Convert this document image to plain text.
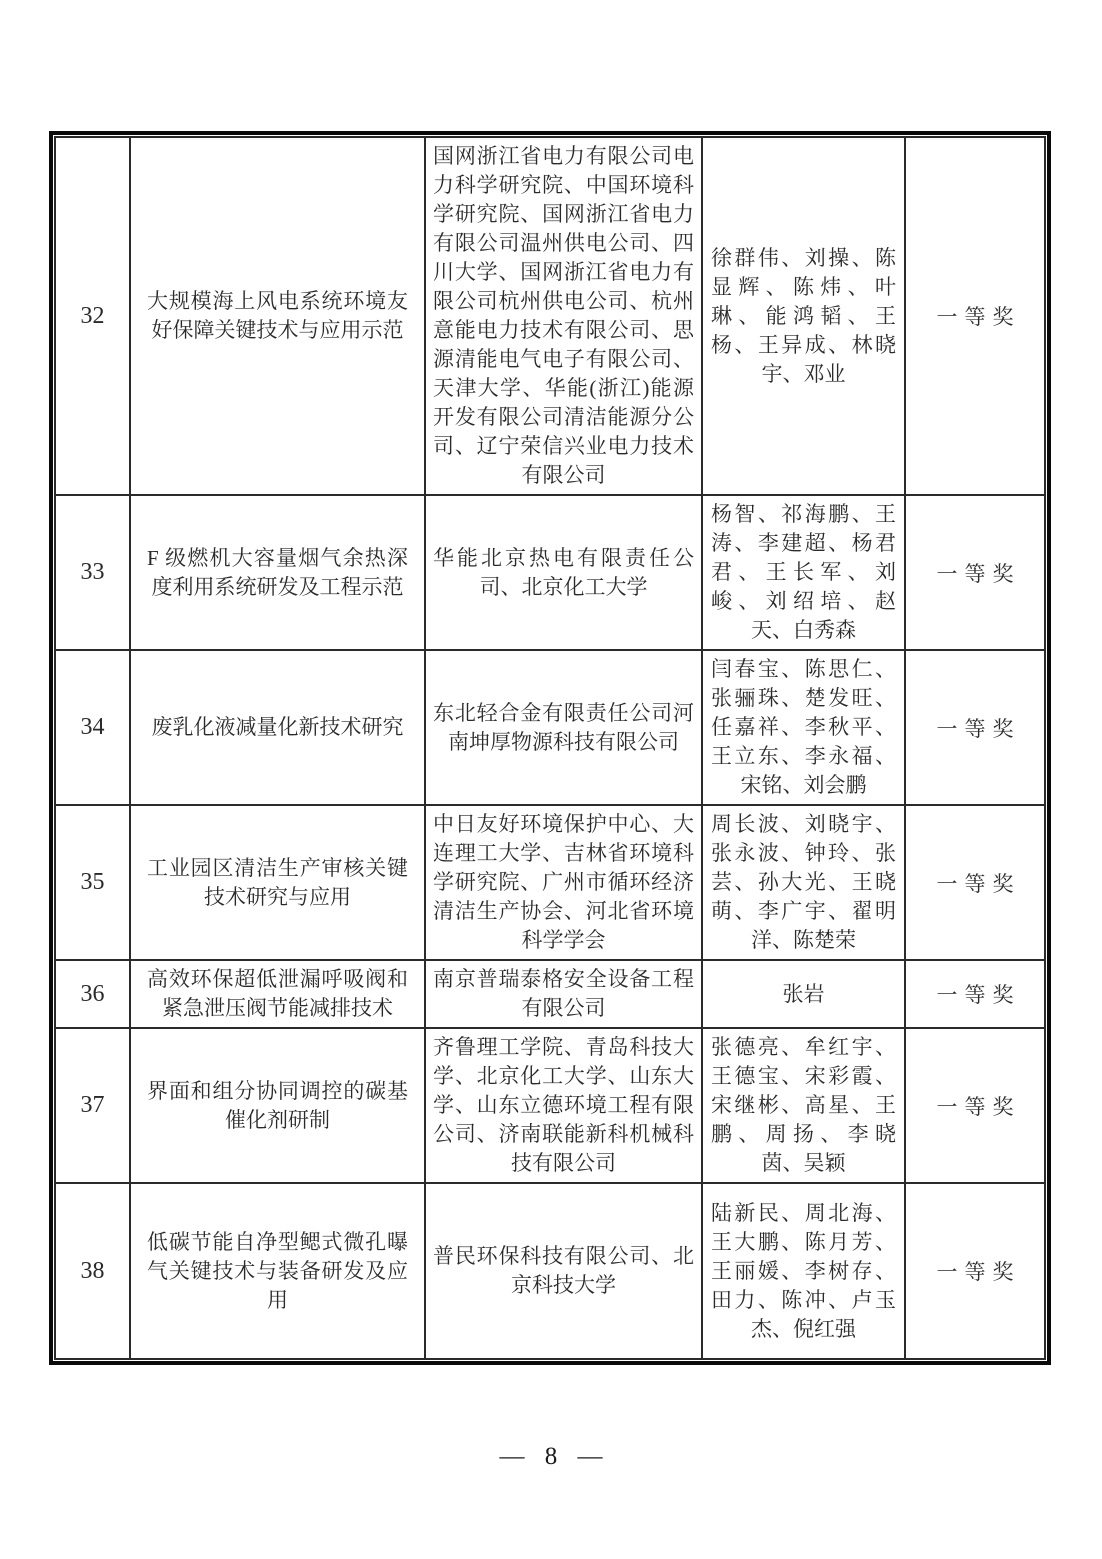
32	大规模海上风电系统环境友好保障关键技术与应用示范	国网浙江省电力有限公司电力科学研究院、中国环境科学研究院、国网浙江省电力有限公司温州供电公司、四川大学、国网浙江省电力有限公司杭州供电公司、杭州意能电力技术有限公司、思源清能电气电子有限公司、天津大学、华能(浙江)能源开发有限公司清洁能源分公司、辽宁荣信兴业电力技术有限公司	徐群伟、刘操、陈显辉、陈炜、叶琳、能鸿韬、王杨、王异成、林晓宇、邓业	一等奖
33	F 级燃机大容量烟气余热深度利用系统研发及工程示范	华能北京热电有限责任公司、北京化工大学	杨智、祁海鹏、王涛、李建超、杨君君、王长军、刘峻、刘绍培、赵天、白秀森	一等奖
34	废乳化液减量化新技术研究	东北轻合金有限责任公司河南坤厚物源科技有限公司	闫春宝、陈思仁、张骊珠、楚发旺、任嘉祥、李秋平、王立东、李永福、宋铭、刘会鹏	一等奖
35	工业园区清洁生产审核关键技术研究与应用	中日友好环境保护中心、大连理工大学、吉林省环境科学研究院、广州市循环经济清洁生产协会、河北省环境科学学会	周长波、刘晓宇、张永波、钟玲、张芸、孙大光、王晓萌、李广宇、翟明洋、陈楚荣	一等奖
36	高效环保超低泄漏呼吸阀和紧急泄压阀节能减排技术	南京普瑞泰格安全设备工程有限公司	张岩	一等奖
37	界面和组分协同调控的碳基催化剂研制	齐鲁理工学院、青岛科技大学、北京化工大学、山东大学、山东立德环境工程有限公司、济南联能新科机械科技有限公司	张德亮、牟红宇、王德宝、宋彩霞、宋继彬、高星、王鹏、周扬、李晓茵、吴颖	一等奖
38	低碳节能自净型鳃式微孔曝气关键技术与装备研发及应用	普民环保科技有限公司、北京科技大学	陆新民、周北海、王大鹏、陈月芳、王丽媛、李树存、田力、陈冲、卢玉杰、倪红强	一等奖
— 8 —
